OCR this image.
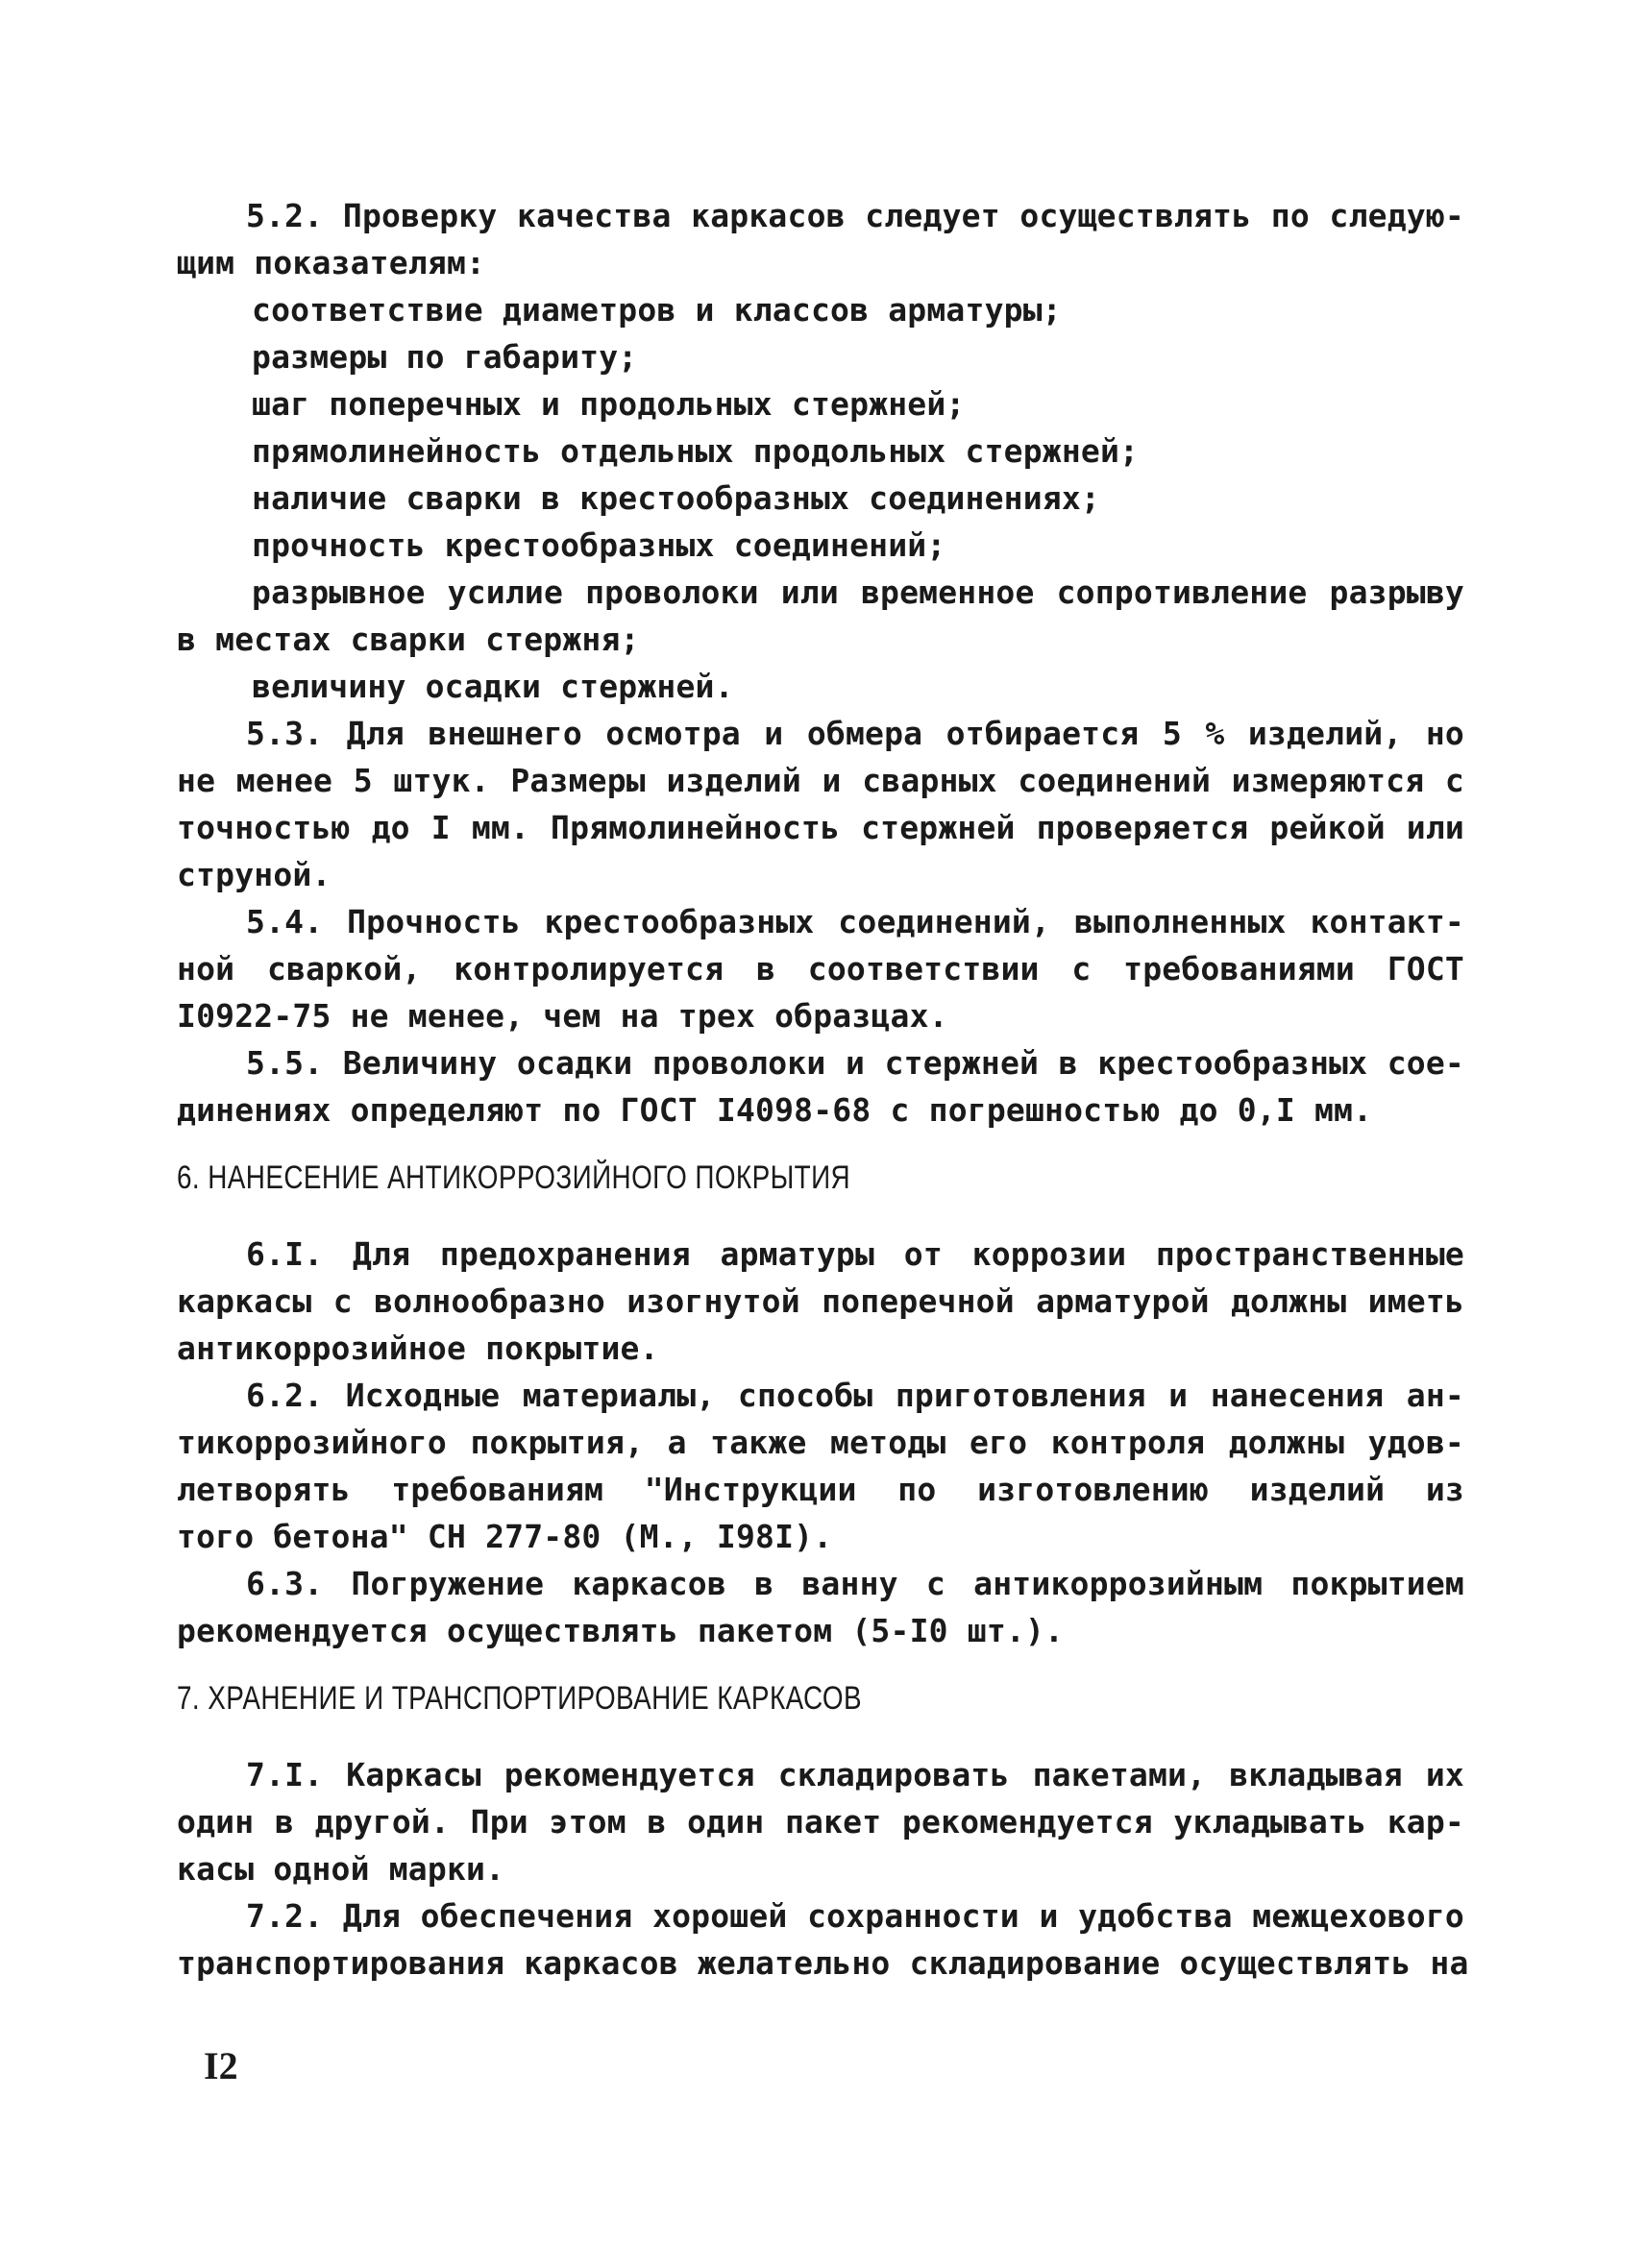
5.2. Проверку качества каркасов следует осуществлять по следую-
щим показателям:
соответствие диаметров и классов арматуры;
размеры по габариту;
шаг поперечных и продольных стержней;
прямолинейность отдельных продольных стержней;
наличие сварки в крестообразных соединениях;
прочность крестообразных соединений;
разрывное усилие проволоки или временное сопротивление разрыву
в местах сварки стержня;
величину осадки стержней.
5.3. Для внешнего осмотра и обмера отбирается 5 % изделий, но
не менее 5 штук. Размеры изделий и сварных соединений измеряются с
точностью до I мм. Прямолинейность стержней проверяется рейкой или
струной.
5.4. Прочность крестообразных соединений, выполненных контакт-
ной сваркой, контролируется в соответствии с требованиями ГОСТ
I0922-75 не менее, чем на трех образцах.
5.5. Величину осадки проволоки и стержней в крестообразных сое-
динениях определяют по ГОСТ I4098-68 с погрешностью до 0,I мм.
6. НАНЕСЕНИЕ АНТИКОРРОЗИЙНОГО ПОКРЫТИЯ
6.I. Для предохранения арматуры от коррозии пространственные
каркасы с волнообразно изогнутой поперечной арматурой должны иметь
антикоррозийное покрытие.
6.2. Исходные материалы, способы приготовления и нанесения ан-
тикоррозийного покрытия, а также методы его контроля должны удов-
летворять требованиям "Инструкции по изготовлению изделий из
того бетона" СН 277-80 (М., I98I).
6.3. Погружение каркасов в ванну с антикоррозийным покрытием
рекомендуется осуществлять пакетом (5-I0 шт.).
7. ХРАНЕНИЕ И ТРАНСПОРТИРОВАНИЕ КАРКАСОВ
7.I. Каркасы рекомендуется складировать пакетами, вкладывая их
один в другой. При этом в один пакет рекомендуется укладывать кар-
касы одной марки.
7.2. Для обеспечения хорошей сохранности и удобства межцехового
транспортирования каркасов желательно складирование осуществлять на
I2
